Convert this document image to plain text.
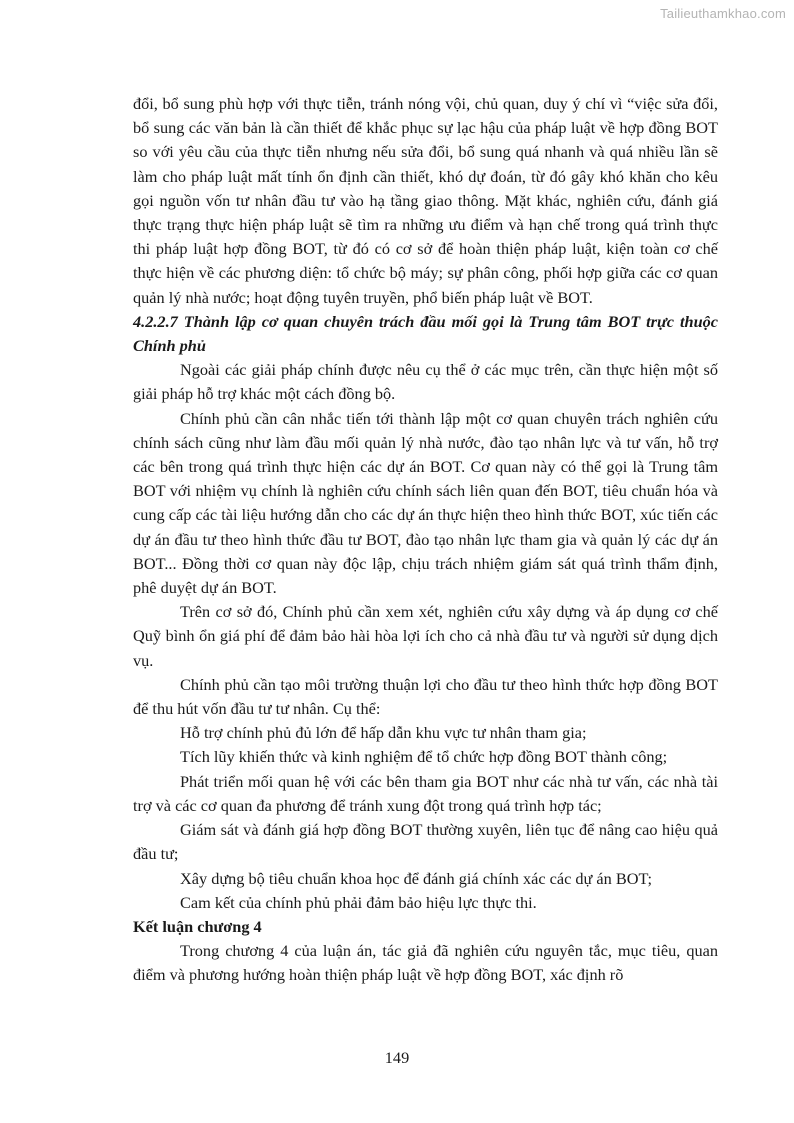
Tailieuthamkhao.com

đổi, bổ sung phù hợp với thực tiễn, tránh nóng vội, chủ quan, duy ý chí vì “việc sửa đổi, bổ sung các văn bản là cần thiết để khắc phục sự lạc hậu của pháp luật về hợp đồng BOT so với yêu cầu của thực tiễn nhưng nếu sửa đổi, bổ sung quá nhanh và quá nhiều lần sẽ làm cho pháp luật mất tính ổn định cần thiết, khó dự đoán, từ đó gây khó khăn cho kêu gọi nguồn vốn tư nhân đầu tư vào hạ tầng giao thông. Mặt khác, nghiên cứu, đánh giá thực trạng thực hiện pháp luật sẽ tìm ra những ưu điểm và hạn chế trong quá trình thực thi pháp luật hợp đồng BOT, từ đó có cơ sở để hoàn thiện pháp luật, kiện toàn cơ chế thực hiện về các phương diện: tổ chức bộ máy; sự phân công, phối hợp giữa các cơ quan quản lý nhà nước; hoạt động tuyên truyền, phổ biến pháp luật về BOT.

4.2.2.7 Thành lập cơ quan chuyên trách đầu mối gọi là Trung tâm BOT trực thuộc Chính phủ

Ngoài các giải pháp chính được nêu cụ thể ở các mục trên, cần thực hiện một số giải pháp hỗ trợ khác một cách đồng bộ.

Chính phủ cần cân nhắc tiến tới thành lập một cơ quan chuyên trách nghiên cứu chính sách cũng như làm đầu mối quản lý nhà nước, đào tạo nhân lực và tư vấn, hỗ trợ các bên trong quá trình thực hiện các dự án BOT. Cơ quan này có thể gọi là Trung tâm BOT với nhiệm vụ chính là nghiên cứu chính sách liên quan đến BOT, tiêu chuẩn hóa và cung cấp các tài liệu hướng dẫn cho các dự án thực hiện theo hình thức BOT, xúc tiến các dự án đầu tư theo hình thức đầu tư BOT, đào tạo nhân lực tham gia và quản lý các dự án BOT... Đồng thời cơ quan này độc lập, chịu trách nhiệm giám sát quá trình thẩm định, phê duyệt dự án BOT.

Trên cơ sở đó, Chính phủ cần xem xét, nghiên cứu xây dựng và áp dụng cơ chế Quỹ bình ổn giá phí để đảm bảo hài hòa lợi ích cho cả nhà đầu tư và người sử dụng dịch vụ.

Chính phủ cần tạo môi trường thuận lợi cho đầu tư theo hình thức hợp đồng BOT để thu hút vốn đầu tư tư nhân. Cụ thể:

Hỗ trợ chính phủ đủ lớn để hấp dẫn khu vực tư nhân tham gia;

Tích lũy khiến thức và kinh nghiệm để tổ chức hợp đồng BOT thành công;

Phát triển mối quan hệ với các bên tham gia BOT như các nhà tư vấn, các nhà tài trợ và các cơ quan đa phương để tránh xung đột trong quá trình hợp tác;

Giám sát và đánh giá hợp đồng BOT thường xuyên, liên tục để nâng cao hiệu quả đầu tư;

Xây dựng bộ tiêu chuẩn khoa học để đánh giá chính xác các dự án BOT;

Cam kết của chính phủ phải đảm bảo hiệu lực thực thi.

Kết luận chương 4

Trong chương 4 của luận án, tác giả đã nghiên cứu nguyên tắc, mục tiêu, quan điểm và phương hướng hoàn thiện pháp luật về hợp đồng BOT, xác định rõ

149
